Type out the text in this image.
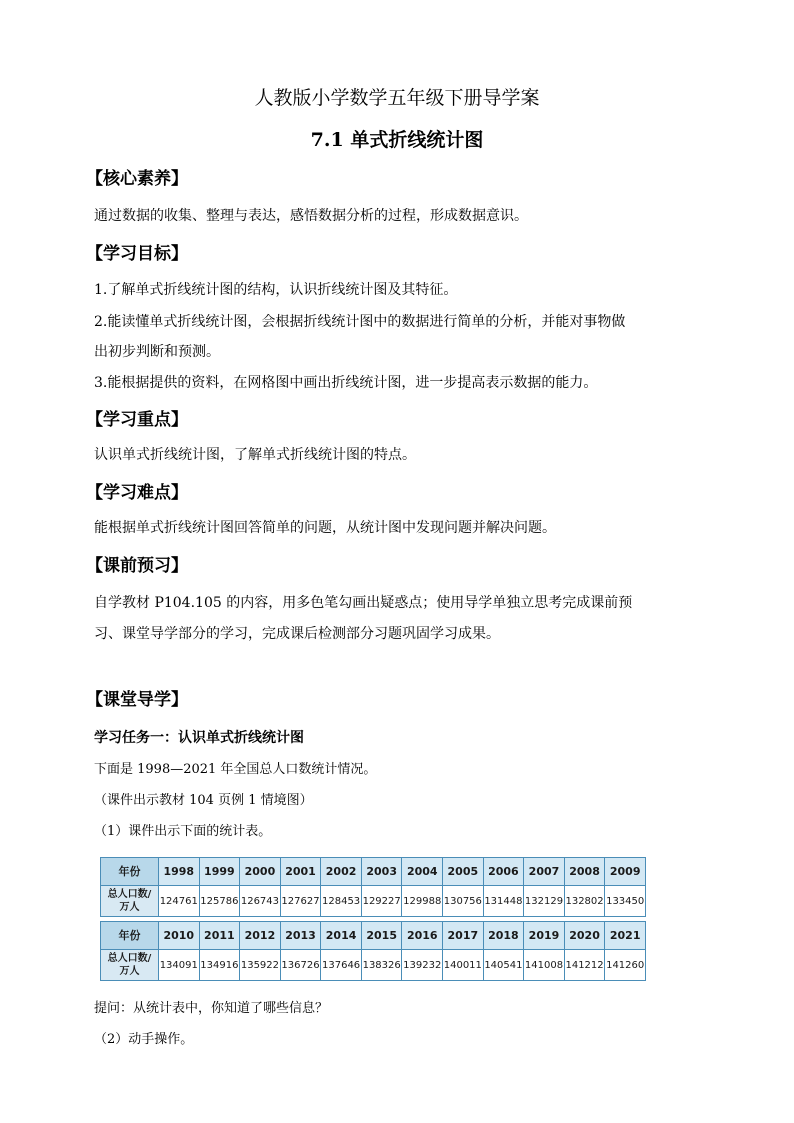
人教版小学数学五年级下册导学案
7.1 单式折线统计图
【核心素养】
通过数据的收集、整理与表达，感悟数据分析的过程，形成数据意识。
【学习目标】
1.了解单式折线统计图的结构，认识折线统计图及其特征。
2.能读懂单式折线统计图，会根据折线统计图中的数据进行简单的分析，并能对事物做
出初步判断和预测。
3.能根据提供的资料，在网格图中画出折线统计图，进一步提高表示数据的能力。
【学习重点】
认识单式折线统计图，了解单式折线统计图的特点。
【学习难点】
能根据单式折线统计图回答简单的问题，从统计图中发现问题并解决问题。
【课前预习】
自学教材 P104.105 的内容，用多色笔勾画出疑惑点；使用导学单独立思考完成课前预
习、课堂导学部分的学习，完成课后检测部分习题巩固学习成果。
【课堂导学】
学习任务一：认识单式折线统计图
下面是 1998—2021 年全国总人口数统计情况。
（课件出示教材 104 页例 1 情境图）
（1）课件出示下面的统计表。
年份	1998	1999	2000	2001	2002	2003	2004	2005	2006	2007	2008	2009

总人口数/
万人	124761	125786	126743	127627	128453	129227	129988	130756	131448	132129	132802	133450

年份	2010	2011	2012	2013	2014	2015	2016	2017	2018	2019	2020	2021

总人口数/
万人	134091	134916	135922	136726	137646	138326	139232	140011	140541	141008	141212	141260
提问：从统计表中，你知道了哪些信息？
（2）动手操作。
